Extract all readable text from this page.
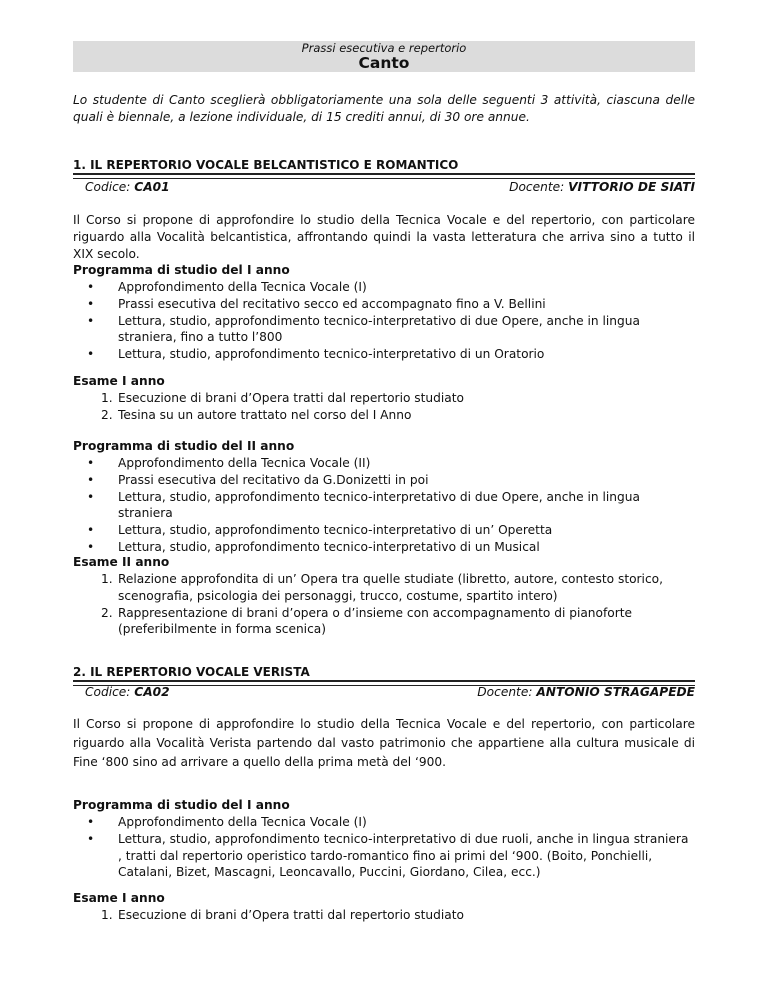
Prassi esecutiva e repertorio
Canto
Lo studente di Canto sceglierà obbligatoriamente una sola delle seguenti 3 attività, ciascuna delle quali è biennale, a lezione individuale, di 15 crediti annui, di 30 ore annue.
1. IL REPERTORIO VOCALE BELCANTISTICO E ROMANTICO
Codice: CA01	Docente: VITTORIO DE SIATI
Il Corso si propone di approfondire lo studio della Tecnica Vocale e del repertorio, con particolare riguardo alla Vocalità belcantistica, affrontando quindi la vasta letteratura che arriva sino a tutto il XIX secolo.
Programma di studio del I anno
• Approfondimento della Tecnica Vocale (I)
• Prassi esecutiva del recitativo secco ed accompagnato fino a V. Bellini
• Lettura, studio, approfondimento tecnico-interpretativo di due Opere, anche in lingua straniera, fino a tutto l’800
• Lettura, studio, approfondimento tecnico-interpretativo di un Oratorio
Esame I anno
1. Esecuzione di brani d’Opera tratti dal repertorio studiato
2. Tesina su un autore trattato nel corso del I Anno
Programma di studio del II anno
• Approfondimento della Tecnica Vocale (II)
• Prassi esecutiva del recitativo da G.Donizetti in poi
• Lettura, studio, approfondimento tecnico-interpretativo di due Opere, anche in lingua straniera
• Lettura, studio, approfondimento tecnico-interpretativo di un’ Operetta
• Lettura, studio, approfondimento tecnico-interpretativo di un Musical
Esame II anno
1. Relazione approfondita di un’ Opera tra quelle studiate (libretto, autore, contesto storico, scenografia, psicologia dei personaggi, trucco, costume, spartito intero)
2. Rappresentazione di brani d’opera o d’insieme con accompagnamento di pianoforte (preferibilmente in forma scenica)
2. IL REPERTORIO VOCALE VERISTA
Codice: CA02	Docente: ANTONIO STRAGAPEDE
Il Corso si propone di approfondire lo studio della Tecnica Vocale e del repertorio, con particolare riguardo alla Vocalità Verista partendo dal vasto patrimonio che appartiene alla cultura musicale di Fine ‘800 sino ad arrivare a quello della prima metà del ‘900.
Programma di studio del I anno
• Approfondimento della Tecnica Vocale (I)
• Lettura, studio, approfondimento tecnico-interpretativo di due ruoli, anche in lingua straniera , tratti dal repertorio operistico tardo-romantico fino ai primi del ‘900. (Boito, Ponchielli, Catalani, Bizet, Mascagni, Leoncavallo, Puccini, Giordano, Cilea, ecc.)
Esame I anno
1. Esecuzione di brani d’Opera tratti dal repertorio studiato
